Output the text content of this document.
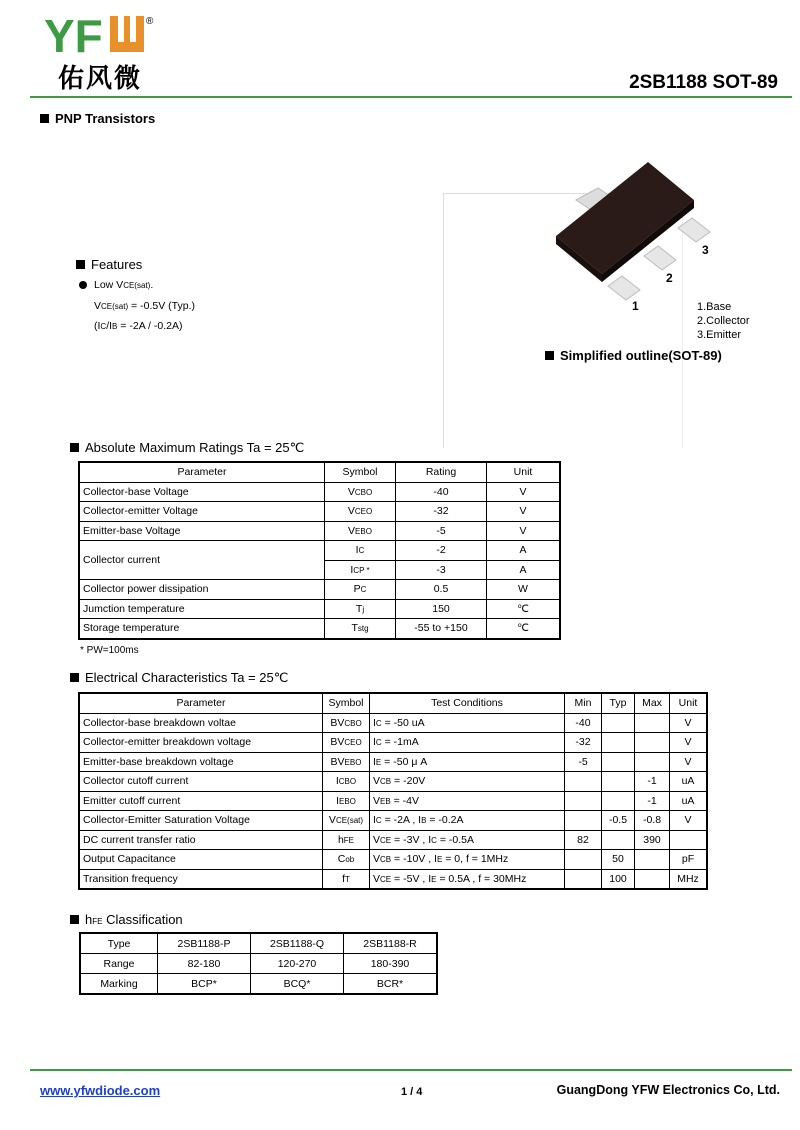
YF	®
佑风微	2SB1188 SOT-89
PNP Transistors
1
2
3
1.Base
2.Collector
3.Emitter
Simplified outline(SOT-89)
Features
Low VCE(sat).
VCE(sat) = -0.5V (Typ.)
(IC/IB = -2A / -0.2A)
Absolute Maximum Ratings Ta = 25℃
Parameter	Symbol	Rating	Unit
Collector-base Voltage	VCBO	-40	V
Collector-emitter Voltage	VCEO	-32	V
Emitter-base Voltage	VEBO	-5	V
Collector current	IC	-2	A
	ICP *	-3	A
Collector power dissipation	PC	0.5	W
Jumction temperature	Tj	150	℃
Storage temperature	Tstg	-55 to +150	℃
* PW=100ms
Electrical Characteristics Ta = 25℃
Parameter	Symbol	Test Conditions	Min	Typ	Max	Unit
Collector-base breakdown voltae	BVCBO	IC = -50 uA	-40			V
Collector-emitter breakdown voltage	BVCEO	IC = -1mA	-32			V
Emitter-base breakdown voltage	BVEBO	IE = -50 μ A	-5			V
Collector cutoff current	ICBO	VCB = -20V			-1	uA
Emitter cutoff current	IEBO	VEB = -4V			-1	uA
Collector-Emitter Saturation Voltage	VCE(sat)	IC = -2A , IB = -0.2A		-0.5	-0.8	V
DC current transfer ratio	hFE	VCE = -3V , IC = -0.5A	82		390	
Output Capacitance	Cob	VCB = -10V , IE = 0, f = 1MHz		50		pF
Transition frequency	fT	VCE = -5V , IE = 0.5A , f = 30MHz		100		MHz
hFE Classification
Type	2SB1188-P	2SB1188-Q	2SB1188-R
Range	82-180	120-270	180-390
Marking	BCP*	BCQ*	BCR*
www.yfwdiode.com	1 / 4	GuangDong YFW Electronics Co, Ltd.
